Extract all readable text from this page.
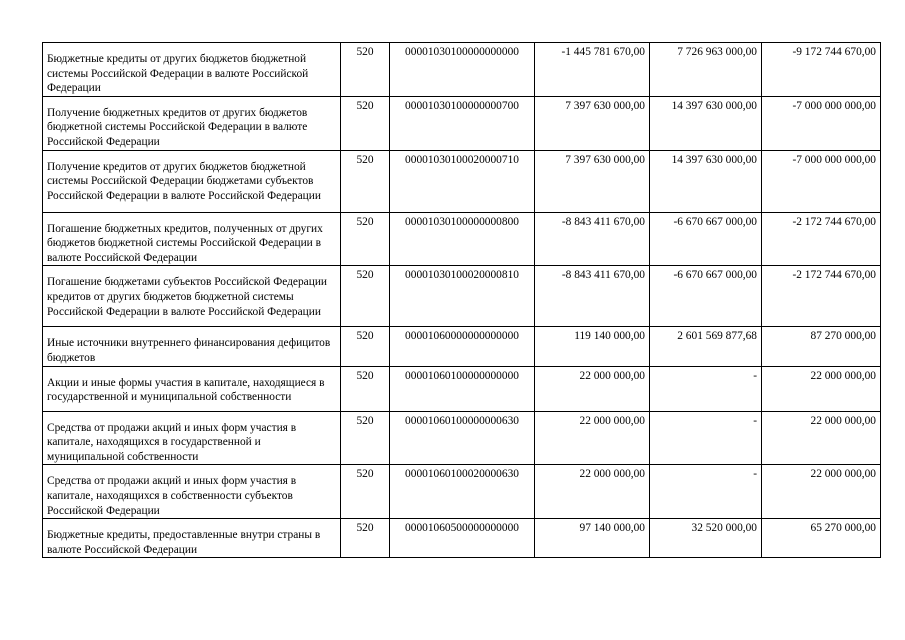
Бюджетные кредиты от других бюджетов бюджетной системы Российской Федерации в валюте Российской Федерации	520	00001030100000000000	-1 445 781 670,00	7 726 963 000,00	-9 172 744 670,00
Получение бюджетных кредитов от других бюджетов бюджетной системы Российской Федерации в валюте Российской Федерации	520	00001030100000000700	7 397 630 000,00	14 397 630 000,00	-7 000 000 000,00
Получение кредитов от других бюджетов бюджетной системы Российской Федерации бюджетами субъектов Российской Федерации в валюте Российской Федерации	520	00001030100020000710	7 397 630 000,00	14 397 630 000,00	-7 000 000 000,00
Погашение бюджетных кредитов, полученных от других бюджетов бюджетной системы Российской Федерации в валюте Российской Федерации	520	00001030100000000800	-8 843 411 670,00	-6 670 667 000,00	-2 172 744 670,00
Погашение бюджетами субъектов Российской Федерации кредитов от других бюджетов бюджетной системы Российской Федерации в валюте Российской Федерации	520	00001030100020000810	-8 843 411 670,00	-6 670 667 000,00	-2 172 744 670,00
Иные источники внутреннего финансирования дефицитов бюджетов	520	00001060000000000000	119 140 000,00	2 601 569 877,68	87 270 000,00
Акции и иные формы участия в капитале, находящиеся в государственной и муниципальной собственности	520	00001060100000000000	22 000 000,00	-	22 000 000,00
Средства от продажи акций и иных форм участия в капитале, находящихся в государственной и муниципальной собственности	520	00001060100000000630	22 000 000,00	-	22 000 000,00
Средства от продажи акций и иных форм участия в капитале, находящихся в собственности субъектов Российской Федерации	520	00001060100020000630	22 000 000,00	-	22 000 000,00
Бюджетные кредиты, предоставленные внутри страны в валюте Российской Федерации	520	00001060500000000000	97 140 000,00	32 520 000,00	65 270 000,00
